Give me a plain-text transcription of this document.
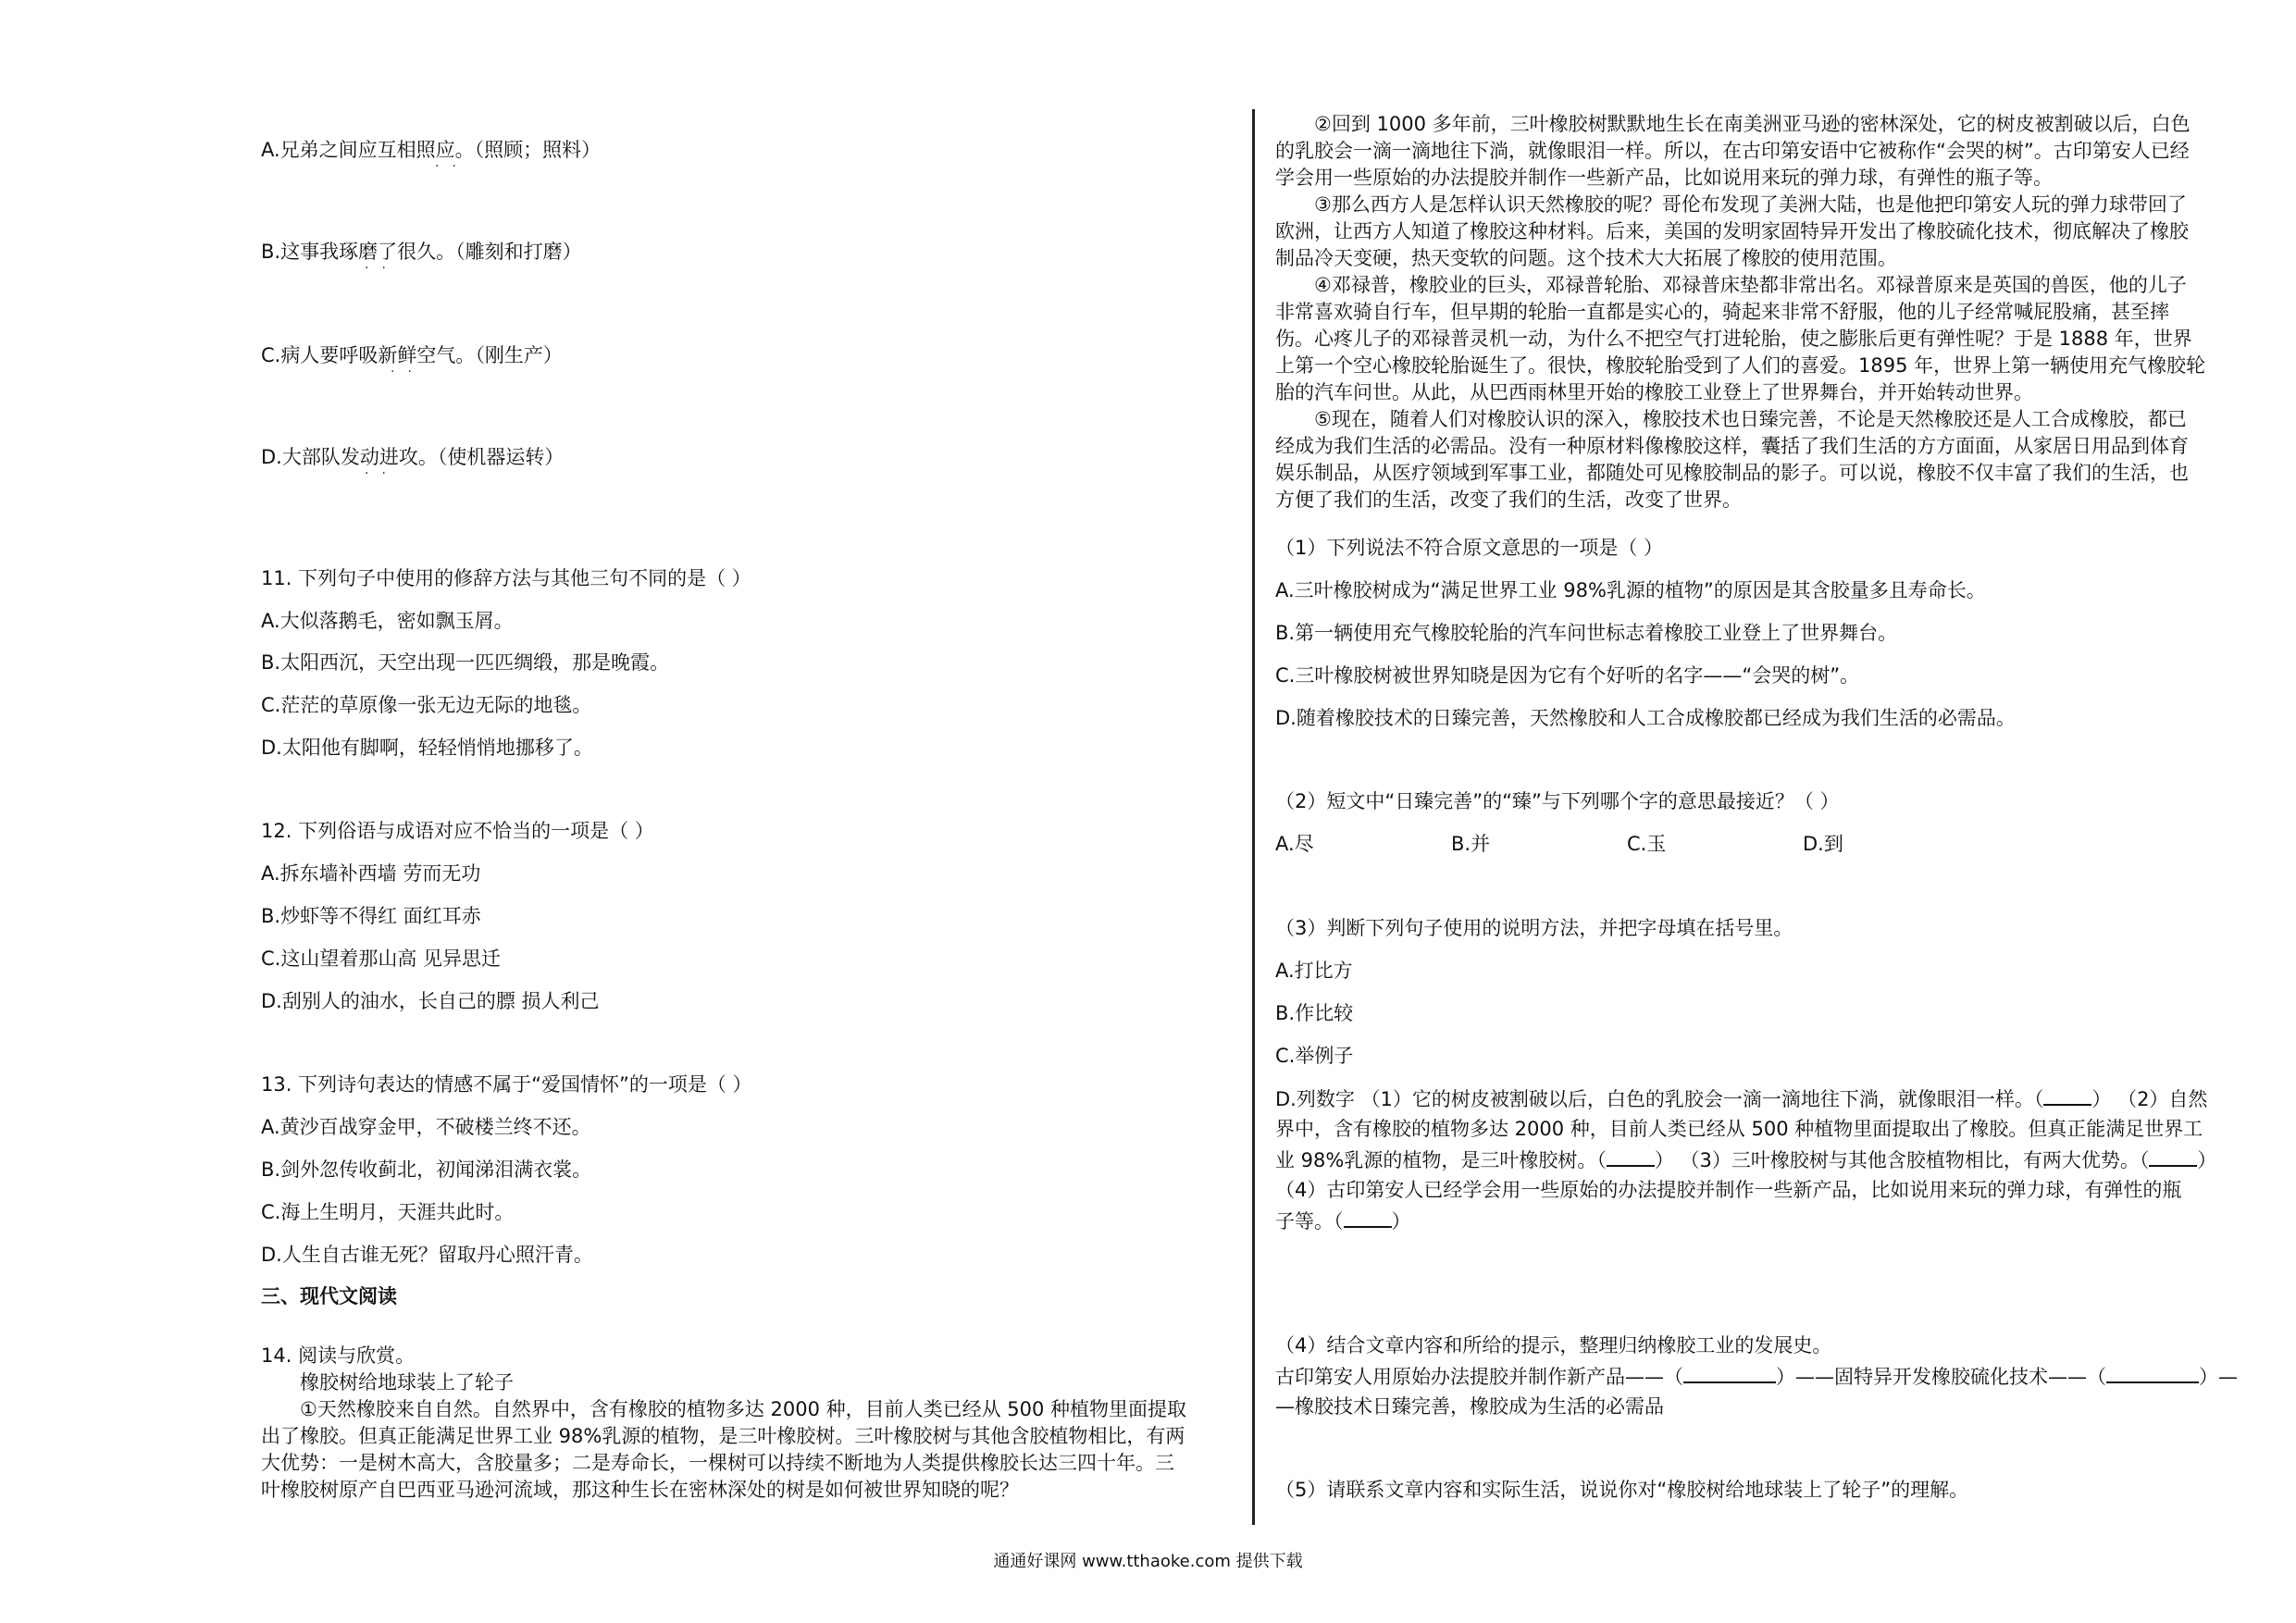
A.兄弟之间应互相照应。（照顾；照料）
··
B.这事我琢磨了很久。（雕刻和打磨）
··
C.病人要呼吸新鲜空气。（刚生产）
··
D.大部队发动进攻。（使机器运转）
··
11. 下列句子中使用的修辞方法与其他三句不同的是（ ）
A.大似落鹅毛，密如飘玉屑。
B.太阳西沉，天空出现一匹匹绸缎，那是晚霞。
C.茫茫的草原像一张无边无际的地毯。
D.太阳他有脚啊，轻轻悄悄地挪移了。
12. 下列俗语与成语对应不恰当的一项是（ ）
A.拆东墙补西墙 劳而无功
B.炒虾等不得红 面红耳赤
C.这山望着那山高 见异思迁
D.刮别人的油水，长自己的膘 损人利己
13. 下列诗句表达的情感不属于“爱国情怀”的一项是（ ）
A.黄沙百战穿金甲，不破楼兰终不还。
B.剑外忽传收蓟北，初闻涕泪满衣裳。
C.海上生明月，天涯共此时。
D.人生自古谁无死？留取丹心照汗青。
三、现代文阅读
14. 阅读与欣赏。
橡胶树给地球装上了轮子
①天然橡胶来自自然。自然界中，含有橡胶的植物多达 2000 种，目前人类已经从 500 种植物里面提取
出了橡胶。但真正能满足世界工业 98%乳源的植物，是三叶橡胶树。三叶橡胶树与其他含胶植物相比，有两
大优势：一是树木高大，含胶量多；二是寿命长，一棵树可以持续不断地为人类提供橡胶长达三四十年。三
叶橡胶树原产自巴西亚马逊河流域，那这种生长在密林深处的树是如何被世界知晓的呢？
②回到 1000 多年前，三叶橡胶树默默地生长在南美洲亚马逊的密林深处，它的树皮被割破以后，白色
的乳胶会一滴一滴地往下淌，就像眼泪一样。所以，在古印第安语中它被称作“会哭的树”。古印第安人已经
学会用一些原始的办法提胶并制作一些新产品，比如说用来玩的弹力球，有弹性的瓶子等。
③那么西方人是怎样认识天然橡胶的呢？哥伦布发现了美洲大陆，也是他把印第安人玩的弹力球带回了
欧洲，让西方人知道了橡胶这种材料。后来，美国的发明家固特异开发出了橡胶硫化技术，彻底解决了橡胶
制品冷天变硬，热天变软的问题。这个技术大大拓展了橡胶的使用范围。
④邓禄普，橡胶业的巨头，邓禄普轮胎、邓禄普床垫都非常出名。邓禄普原来是英国的兽医，他的儿子
非常喜欢骑自行车，但早期的轮胎一直都是实心的，骑起来非常不舒服，他的儿子经常喊屁股痛，甚至摔
伤。心疼儿子的邓禄普灵机一动，为什么不把空气打进轮胎，使之膨胀后更有弹性呢？于是 1888 年，世界
上第一个空心橡胶轮胎诞生了。很快，橡胶轮胎受到了人们的喜爱。1895 年，世界上第一辆使用充气橡胶轮
胎的汽车问世。从此，从巴西雨林里开始的橡胶工业登上了世界舞台，并开始转动世界。
⑤现在，随着人们对橡胶认识的深入，橡胶技术也日臻完善，不论是天然橡胶还是人工合成橡胶，都已
经成为我们生活的必需品。没有一种原材料像橡胶这样，囊括了我们生活的方方面面，从家居日用品到体育
娱乐制品，从医疗领域到军事工业，都随处可见橡胶制品的影子。可以说，橡胶不仅丰富了我们的生活，也
方便了我们的生活，改变了我们的生活，改变了世界。
（1）下列说法不符合原文意思的一项是（ ）
A.三叶橡胶树成为“满足世界工业 98%乳源的植物”的原因是其含胶量多且寿命长。
B.第一辆使用充气橡胶轮胎的汽车问世标志着橡胶工业登上了世界舞台。
C.三叶橡胶树被世界知晓是因为它有个好听的名字——“会哭的树”。
D.随着橡胶技术的日臻完善，天然橡胶和人工合成橡胶都已经成为我们生活的必需品。
（2）短文中“日臻完善”的“臻”与下列哪个字的意思最接近？（ ）
A.尽	B.并	C.玉	D.到
（3）判断下列句子使用的说明方法，并把字母填在括号里。
A.打比方
B.作比较
C.举例子
D.列数字 （1）它的树皮被割破以后，白色的乳胶会一滴一滴地往下淌，就像眼泪一样。（ ） （2）自然
界中，含有橡胶的植物多达 2000 种，目前人类已经从 500 种植物里面提取出了橡胶。但真正能满足世界工
业 98%乳源的植物，是三叶橡胶树。（ ） （3）三叶橡胶树与其他含胶植物相比，有两大优势。（ ）
（4）古印第安人已经学会用一些原始的办法提胶并制作一些新产品，比如说用来玩的弹力球，有弹性的瓶
子等。（ ）
（4）结合文章内容和所给的提示，整理归纳橡胶工业的发展史。
古印第安人用原始办法提胶并制作新产品——（	）——固特异开发橡胶硫化技术——（	）—
—橡胶技术日臻完善，橡胶成为生活的必需品
（5）请联系文章内容和实际生活，说说你对“橡胶树给地球装上了轮子”的理解。
通通好课网 www.tthaoke.com 提供下载
